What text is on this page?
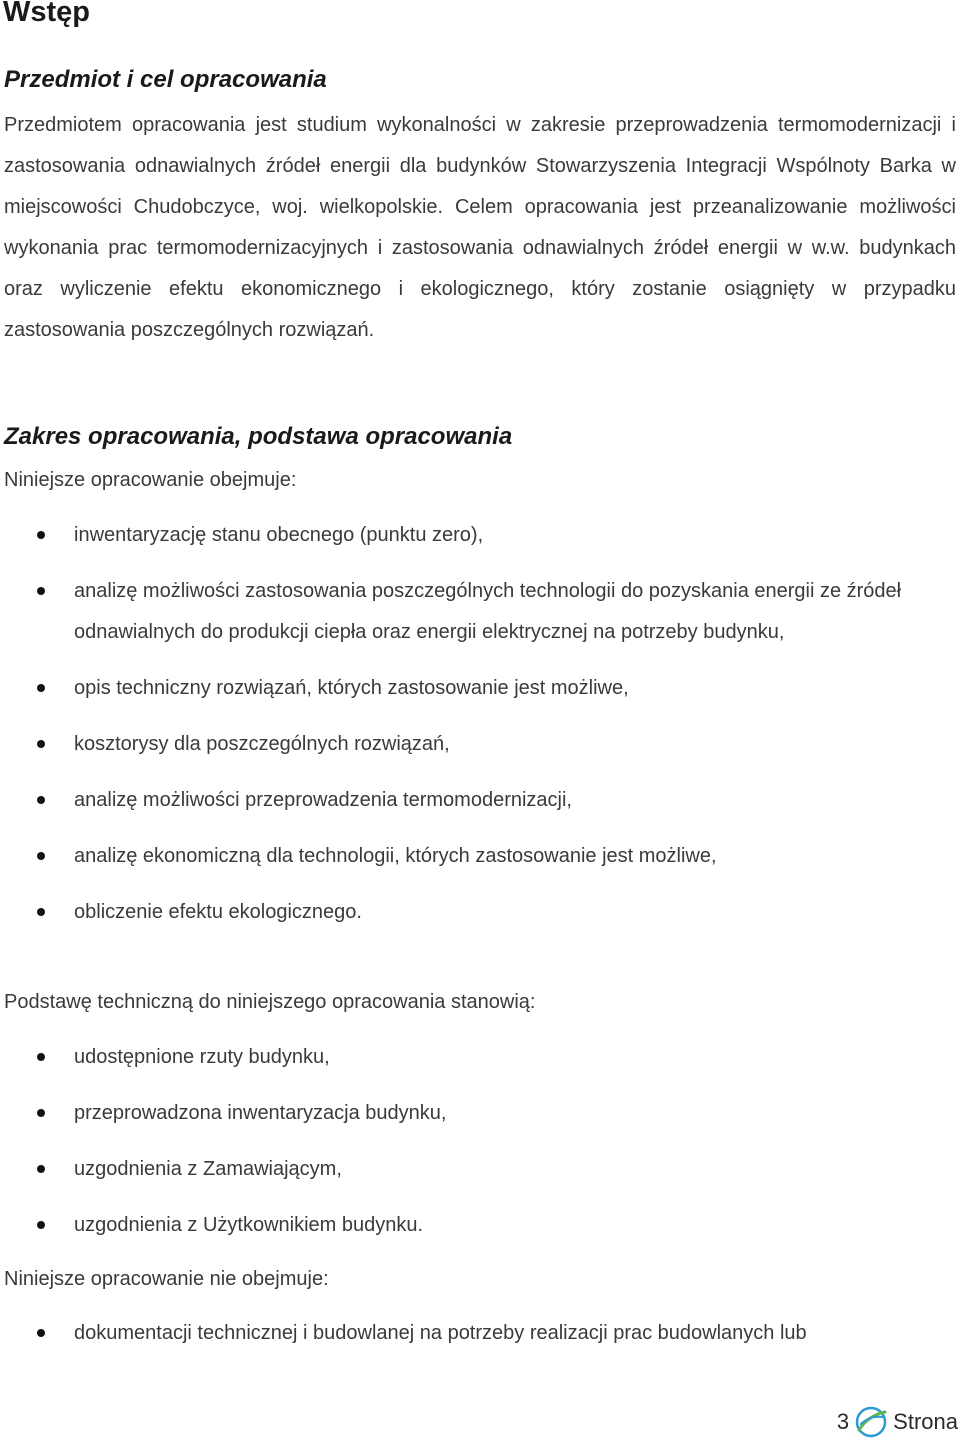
Wstęp
Przedmiot i cel opracowania

Przedmiotem opracowania jest studium wykonalności w zakresie przeprowadzenia termomodernizacji i zastosowania odnawialnych źródeł energii dla budynków Stowarzyszenia Integracji Wspólnoty Barka w miejscowości Chudobczyce, woj. wielkopolskie. Celem opracowania jest przeanalizowanie możliwości wykonania prac termomodernizacyjnych i zastosowania odnawialnych źródeł energii w w.w. budynkach oraz wyliczenie efektu ekonomicznego i ekologicznego, który zostanie osiągnięty w przypadku zastosowania poszczególnych rozwiązań.

Zakres opracowania, podstawa opracowania

Niniejsze opracowanie obejmuje:

inwentaryzację stanu obecnego (punktu zero),
analizę możliwości zastosowania poszczególnych technologii do pozyskania energii ze źródeł odnawialnych do produkcji ciepła oraz energii elektrycznej na potrzeby budynku,
opis techniczny rozwiązań, których zastosowanie jest możliwe,
kosztorysy dla poszczególnych rozwiązań,
analizę możliwości przeprowadzenia termomodernizacji,
analizę ekonomiczną dla technologii, których zastosowanie jest możliwe,
obliczenie efektu ekologicznego.

Podstawę techniczną do niniejszego opracowania stanowią:

udostępnione rzuty budynku,
przeprowadzona inwentaryzacja budynku,
uzgodnienia z Zamawiającym,
uzgodnienia z Użytkownikiem budynku.

Niniejsze opracowanie nie obejmuje:

dokumentacji technicznej i budowlanej na potrzeby realizacji prac budowlanych lub
3 Strona
